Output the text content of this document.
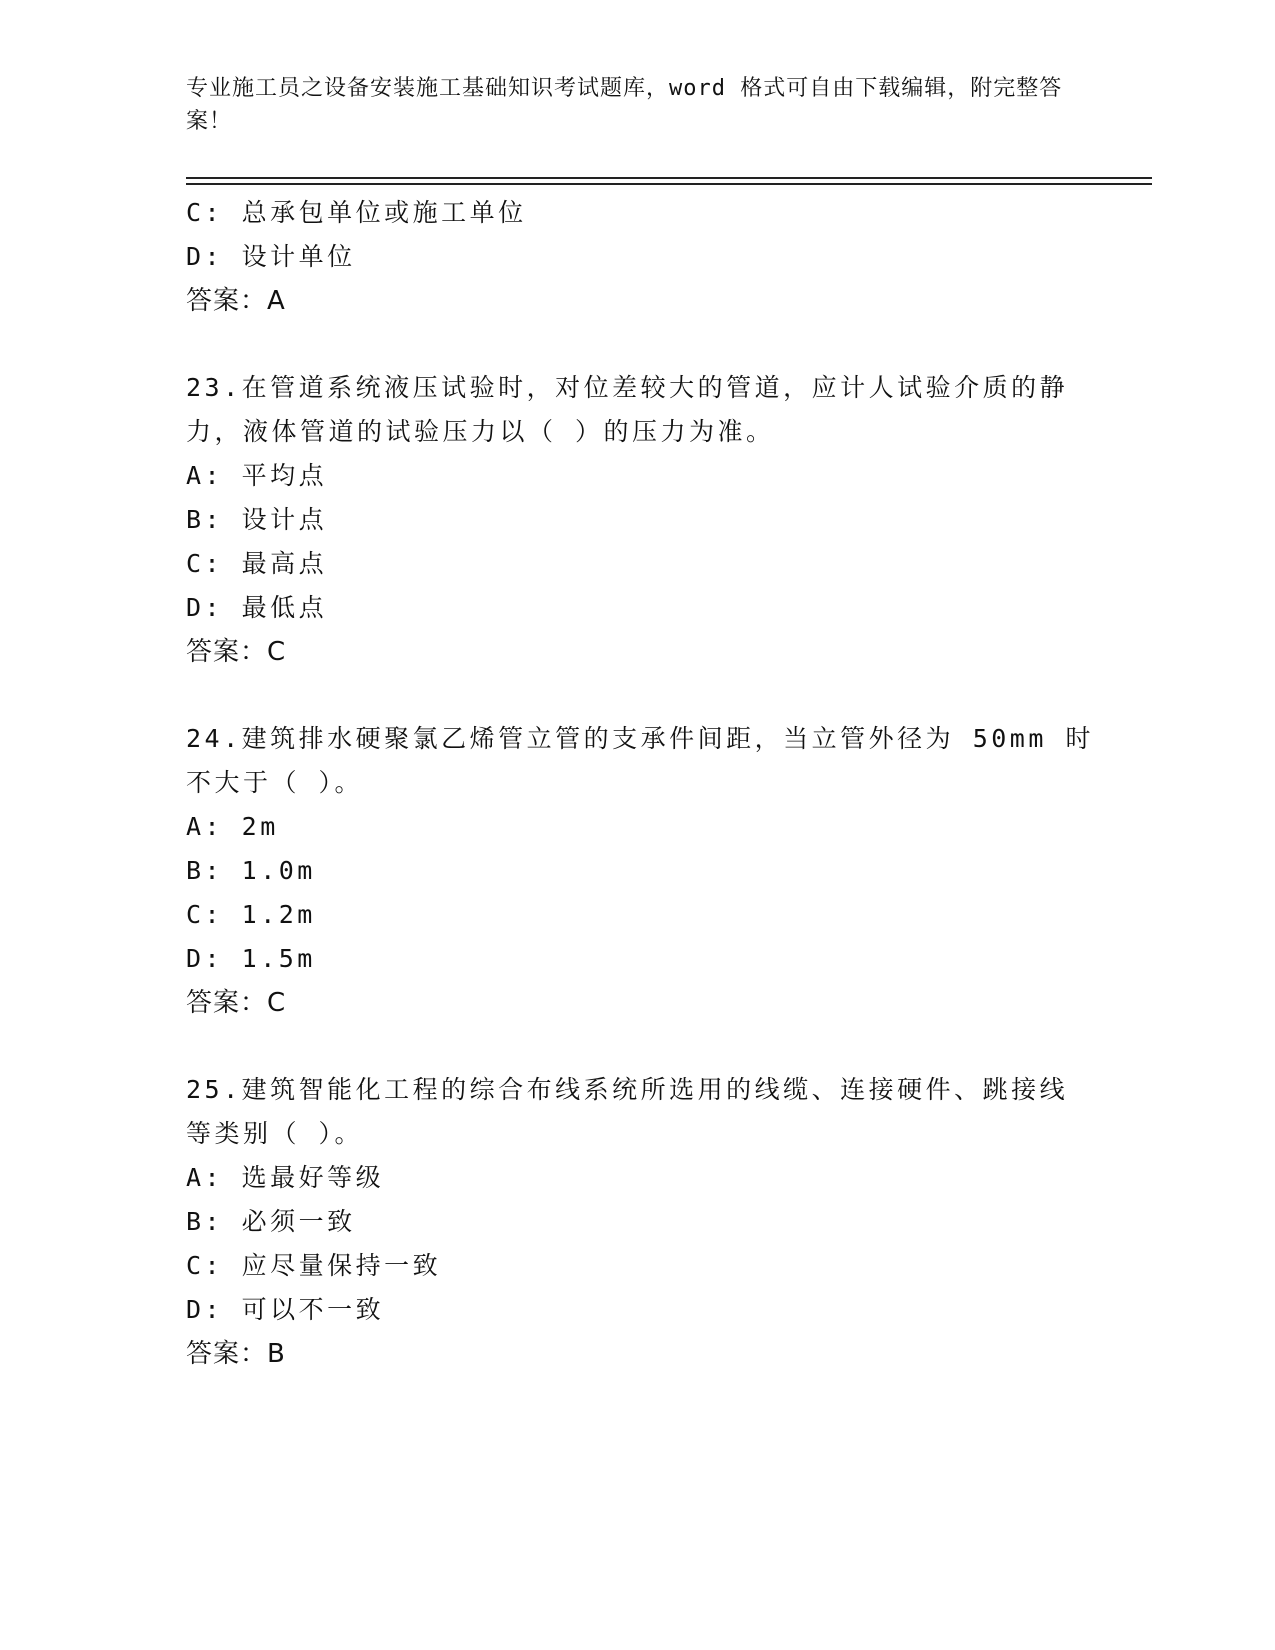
专业施工员之设备安装施工基础知识考试题库，word 格式可自由下载编辑，附完整答案！
C: 总承包单位或施工单位
D: 设计单位
答案：A
23.在管道系统液压试验时，对位差较大的管道，应计人试验介质的静
力，液体管道的试验压力以（ ）的压力为准。
A: 平均点
B: 设计点
C: 最高点
D: 最低点
答案：C
24.建筑排水硬聚氯乙烯管立管的支承件间距，当立管外径为 50mm 时
不大于（ ）。
A: 2m
B: 1.0m
C: 1.2m
D: 1.5m
答案：C
25.建筑智能化工程的综合布线系统所选用的线缆、连接硬件、跳接线
等类别（ ）。
A: 选最好等级
B: 必须一致
C: 应尽量保持一致
D: 可以不一致
答案：B
